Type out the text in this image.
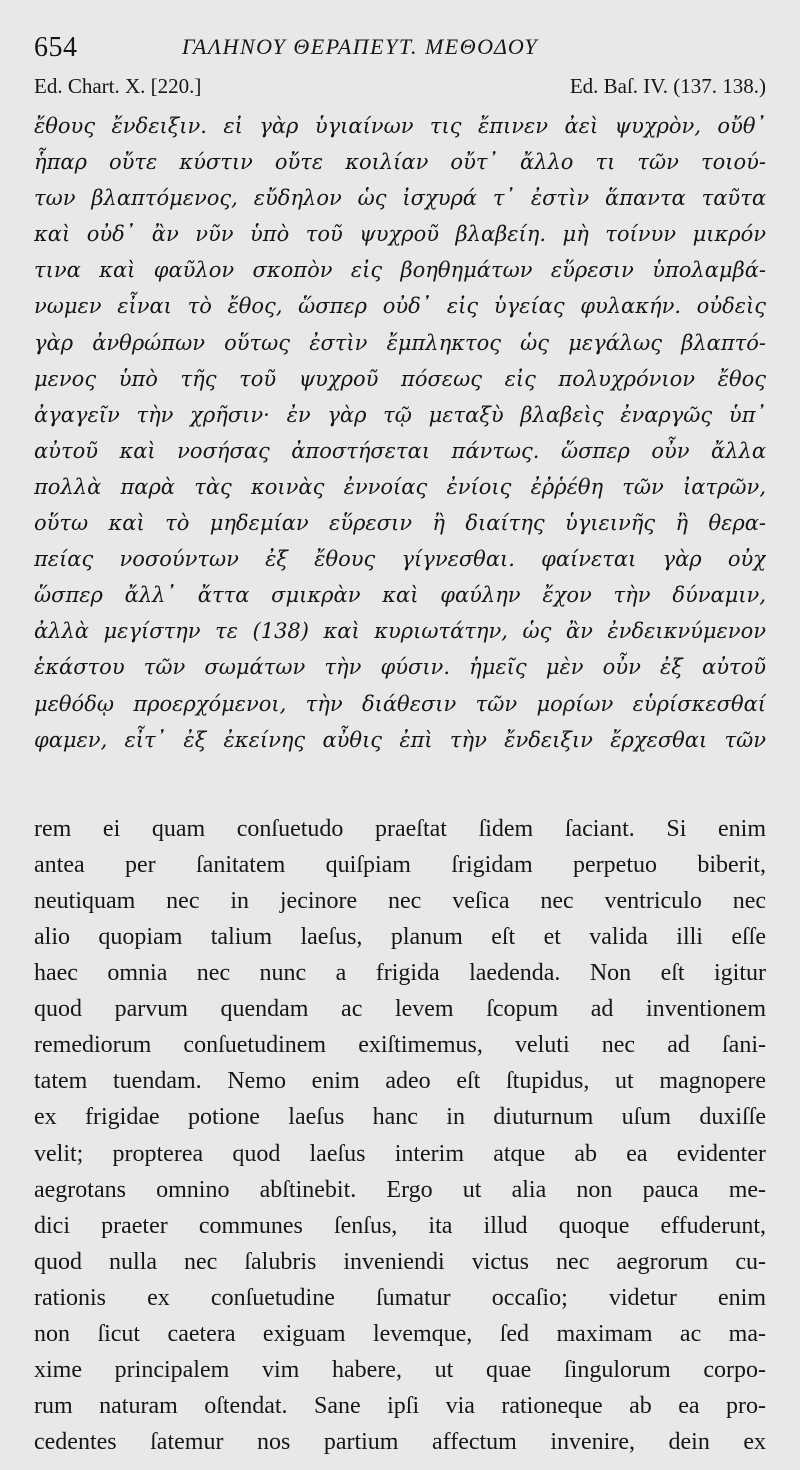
654	ΓΑΛΗΝΟΥ ΘΕΡΑΠΕΥΤ. ΜΕΘΟΔΟΥ
Ed. Chart. X. [220.]	Ed. Baſ. IV. (137. 138.)
ἔθους ἔνδειξιν. εἰ γὰρ ὑγιαίνων τις ἔπινεν ἀεὶ ψυχρὸν, οὔθ᾽
ἧπαρ οὔτε κύστιν οὔτε κοιλίαν οὔτ᾽ ἄλλο τι τῶν τοιού-
των βλαπτόμενος, εὔδηλον ὡς ἰσχυρά τ᾽ ἐστὶν ἅπαντα ταῦτα
καὶ οὐδ᾽ ἂν νῦν ὑπὸ τοῦ ψυχροῦ βλαβείη. μὴ τοίνυν μικρόν
τινα καὶ φαῦλον σκοπὸν εἰς βοηθημάτων εὕρεσιν ὑπολαμβά-
νωμεν εἶναι τὸ ἔθος, ὥσπερ οὐδ᾽ εἰς ὑγείας φυλακήν. οὐδεὶς
γὰρ ἀνθρώπων οὕτως ἐστὶν ἔμπληκτος ὡς μεγάλως βλαπτό-
μενος ὑπὸ τῆς τοῦ ψυχροῦ πόσεως εἰς πολυχρόνιον ἔθος
ἀγαγεῖν τὴν χρῆσιν· ἐν γὰρ τῷ μεταξὺ βλαβεὶς ἐναργῶς ὑπ᾽
αὐτοῦ καὶ νοσήσας ἀποστήσεται πάντως. ὥσπερ οὖν ἄλλα
πολλὰ παρὰ τὰς κοινὰς ἐννοίας ἐνίοις ἐῤῥέθη τῶν ἰατρῶν,
οὕτω καὶ τὸ μηδεμίαν εὕρεσιν ἢ διαίτης ὑγιεινῆς ἢ θερα-
πείας νοσούντων ἐξ ἔθους γίγνεσθαι. φαίνεται γὰρ οὐχ
ὥσπερ ἄλλ᾽ ἄττα σμικρὰν καὶ φαύλην ἔχον τὴν δύναμιν,
ἀλλὰ μεγίστην τε (138) καὶ κυριωτάτην, ὡς ἂν ἐνδεικνύμενον
ἑκάστου τῶν σωμάτων τὴν φύσιν. ἡμεῖς μὲν οὖν ἐξ αὐτοῦ
μεθόδῳ προερχόμενοι, τὴν διάθεσιν τῶν μορίων εὑρίσκεσθαί
φαμεν, εἶτ᾽ ἐξ ἐκείνης αὖθις ἐπὶ τὴν ἔνδειξιν ἔρχεσθαι τῶν
rem ei quam conſuetudo praeſtat ſidem ſaciant. Si enim
antea per ſanitatem quiſpiam ſrigidam perpetuo biberit,
neutiquam nec in jecinore nec veſica nec ventriculo nec
alio quopiam talium laeſus, planum eſt et valida illi eſſe
haec omnia nec nunc a frigida laedenda. Non eſt igitur
quod parvum quendam ac levem ſcopum ad inventionem
remediorum conſuetudinem exiſtimemus, veluti nec ad ſani-
tatem tuendam. Nemo enim adeo eſt ſtupidus, ut magnopere
ex frigidae potione laeſus hanc in diuturnum uſum duxiſſe
velit; propterea quod laeſus interim atque ab ea evidenter
aegrotans omnino abſtinebit. Ergo ut alia non pauca me-
dici praeter communes ſenſus, ita illud quoque effuderunt,
quod nulla nec ſalubris inveniendi victus nec aegrorum cu-
rationis ex conſuetudine ſumatur occaſio; videtur enim
non ſicut caetera exiguam levemque, ſed maximam ac ma-
xime principalem vim habere, ut quae ſingulorum corpo-
rum naturam oſtendat. Sane ipſi via rationeque ab ea pro-
cedentes ſatemur nos partium affectum invenire, dein ex
